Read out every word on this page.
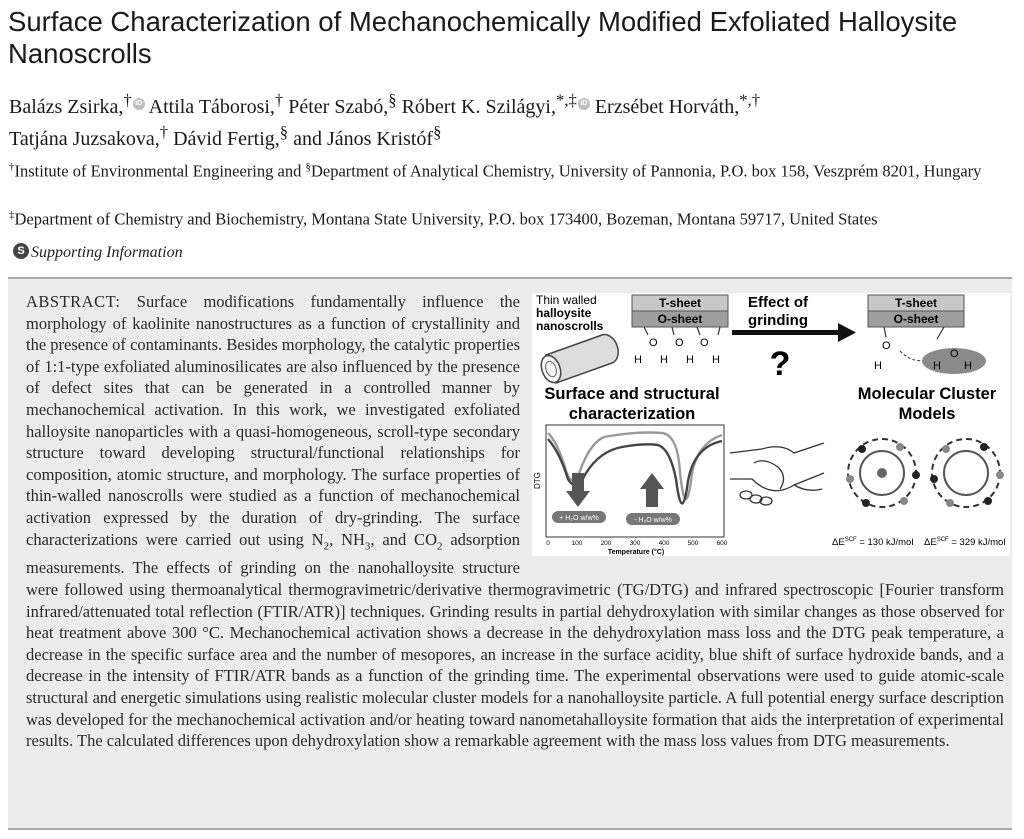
Surface Characterization of Mechanochemically Modified Exfoliated Halloysite Nanoscrolls
Balázs Zsirka,† iD Attila Táborosi,† Péter Szabó,§ Róbert K. Szilágyi,*,‡ iD Erzsébet Horváth,*,†
Tatjána Juzsakova,† Dávid Fertig,§ and János Kristóf§
†Institute of Environmental Engineering and §Department of Analytical Chemistry, University of Pannonia, P.O. box 158, Veszprém 8201, Hungary
‡Department of Chemistry and Biochemistry, Montana State University, P.O. box 173400, Bozeman, Montana 59717, United States
S Supporting Information
Thin walled
halloysite
nanoscrolls
T-sheet
O-sheet
O O O
H H H H
Effect of
grinding
?
T-sheet
O-sheet
O
H
O
H H
Surface and structural
characterization
Molecular Cluster
Models
DTG
+ H₂O w/w%	- H₂O w/w%
0	100	200	300	400	500	600
Temperature (°C)
$\Delta E^{SCF} = 130$ kJ/mol $\Delta E^{SCF} = 329$ kJ/mol
ABSTRACT: Surface modifications fundamentally influence the morphology of kaolinite nanostructures as a function of crystallinity and the presence of contaminants. Besides morphology, the catalytic properties of 1:1-type exfoliated aluminosilicates are also influenced by the presence of defect sites that can be generated in a controlled manner by mechanochemical activation. In this work, we investigated exfoliated halloysite nanoparticles with a quasi-homogeneous, scroll-type secondary structure toward developing structural/functional relationships for composition, atomic structure, and morphology. The surface properties of thin-walled nanoscrolls were studied as a function of mechanochemical activation expressed by the duration of dry-grinding. The surface characterizations were carried out using $N_2$, $NH_3$, and $CO_2$ adsorption measurements. The effects of grinding on the nanohalloysite structure were followed using thermoanalytical thermogravimetric/derivative thermogravimetric (TG/DTG) and infrared spectroscopic [Fourier transform infrared/attenuated total reflection (FTIR/ATR)] techniques. Grinding results in partial dehydroxylation with similar changes as those observed for heat treatment above 300 °C. Mechanochemical activation shows a decrease in the dehydroxylation mass loss and the DTG peak temperature, a decrease in the specific surface area and the number of mesopores, an increase in the surface acidity, blue shift of surface hydroxide bands, and a decrease in the intensity of FTIR/ATR bands as a function of the grinding time. The experimental observations were used to guide atomic-scale structural and energetic simulations using realistic molecular cluster models for a nanohalloysite particle. A full potential energy surface description was developed for the mechanochemical activation and/or heating toward nanometahalloysite formation that aids the interpretation of experimental results. The calculated differences upon dehydroxylation show a remarkable agreement with the mass loss values from DTG measurements.
